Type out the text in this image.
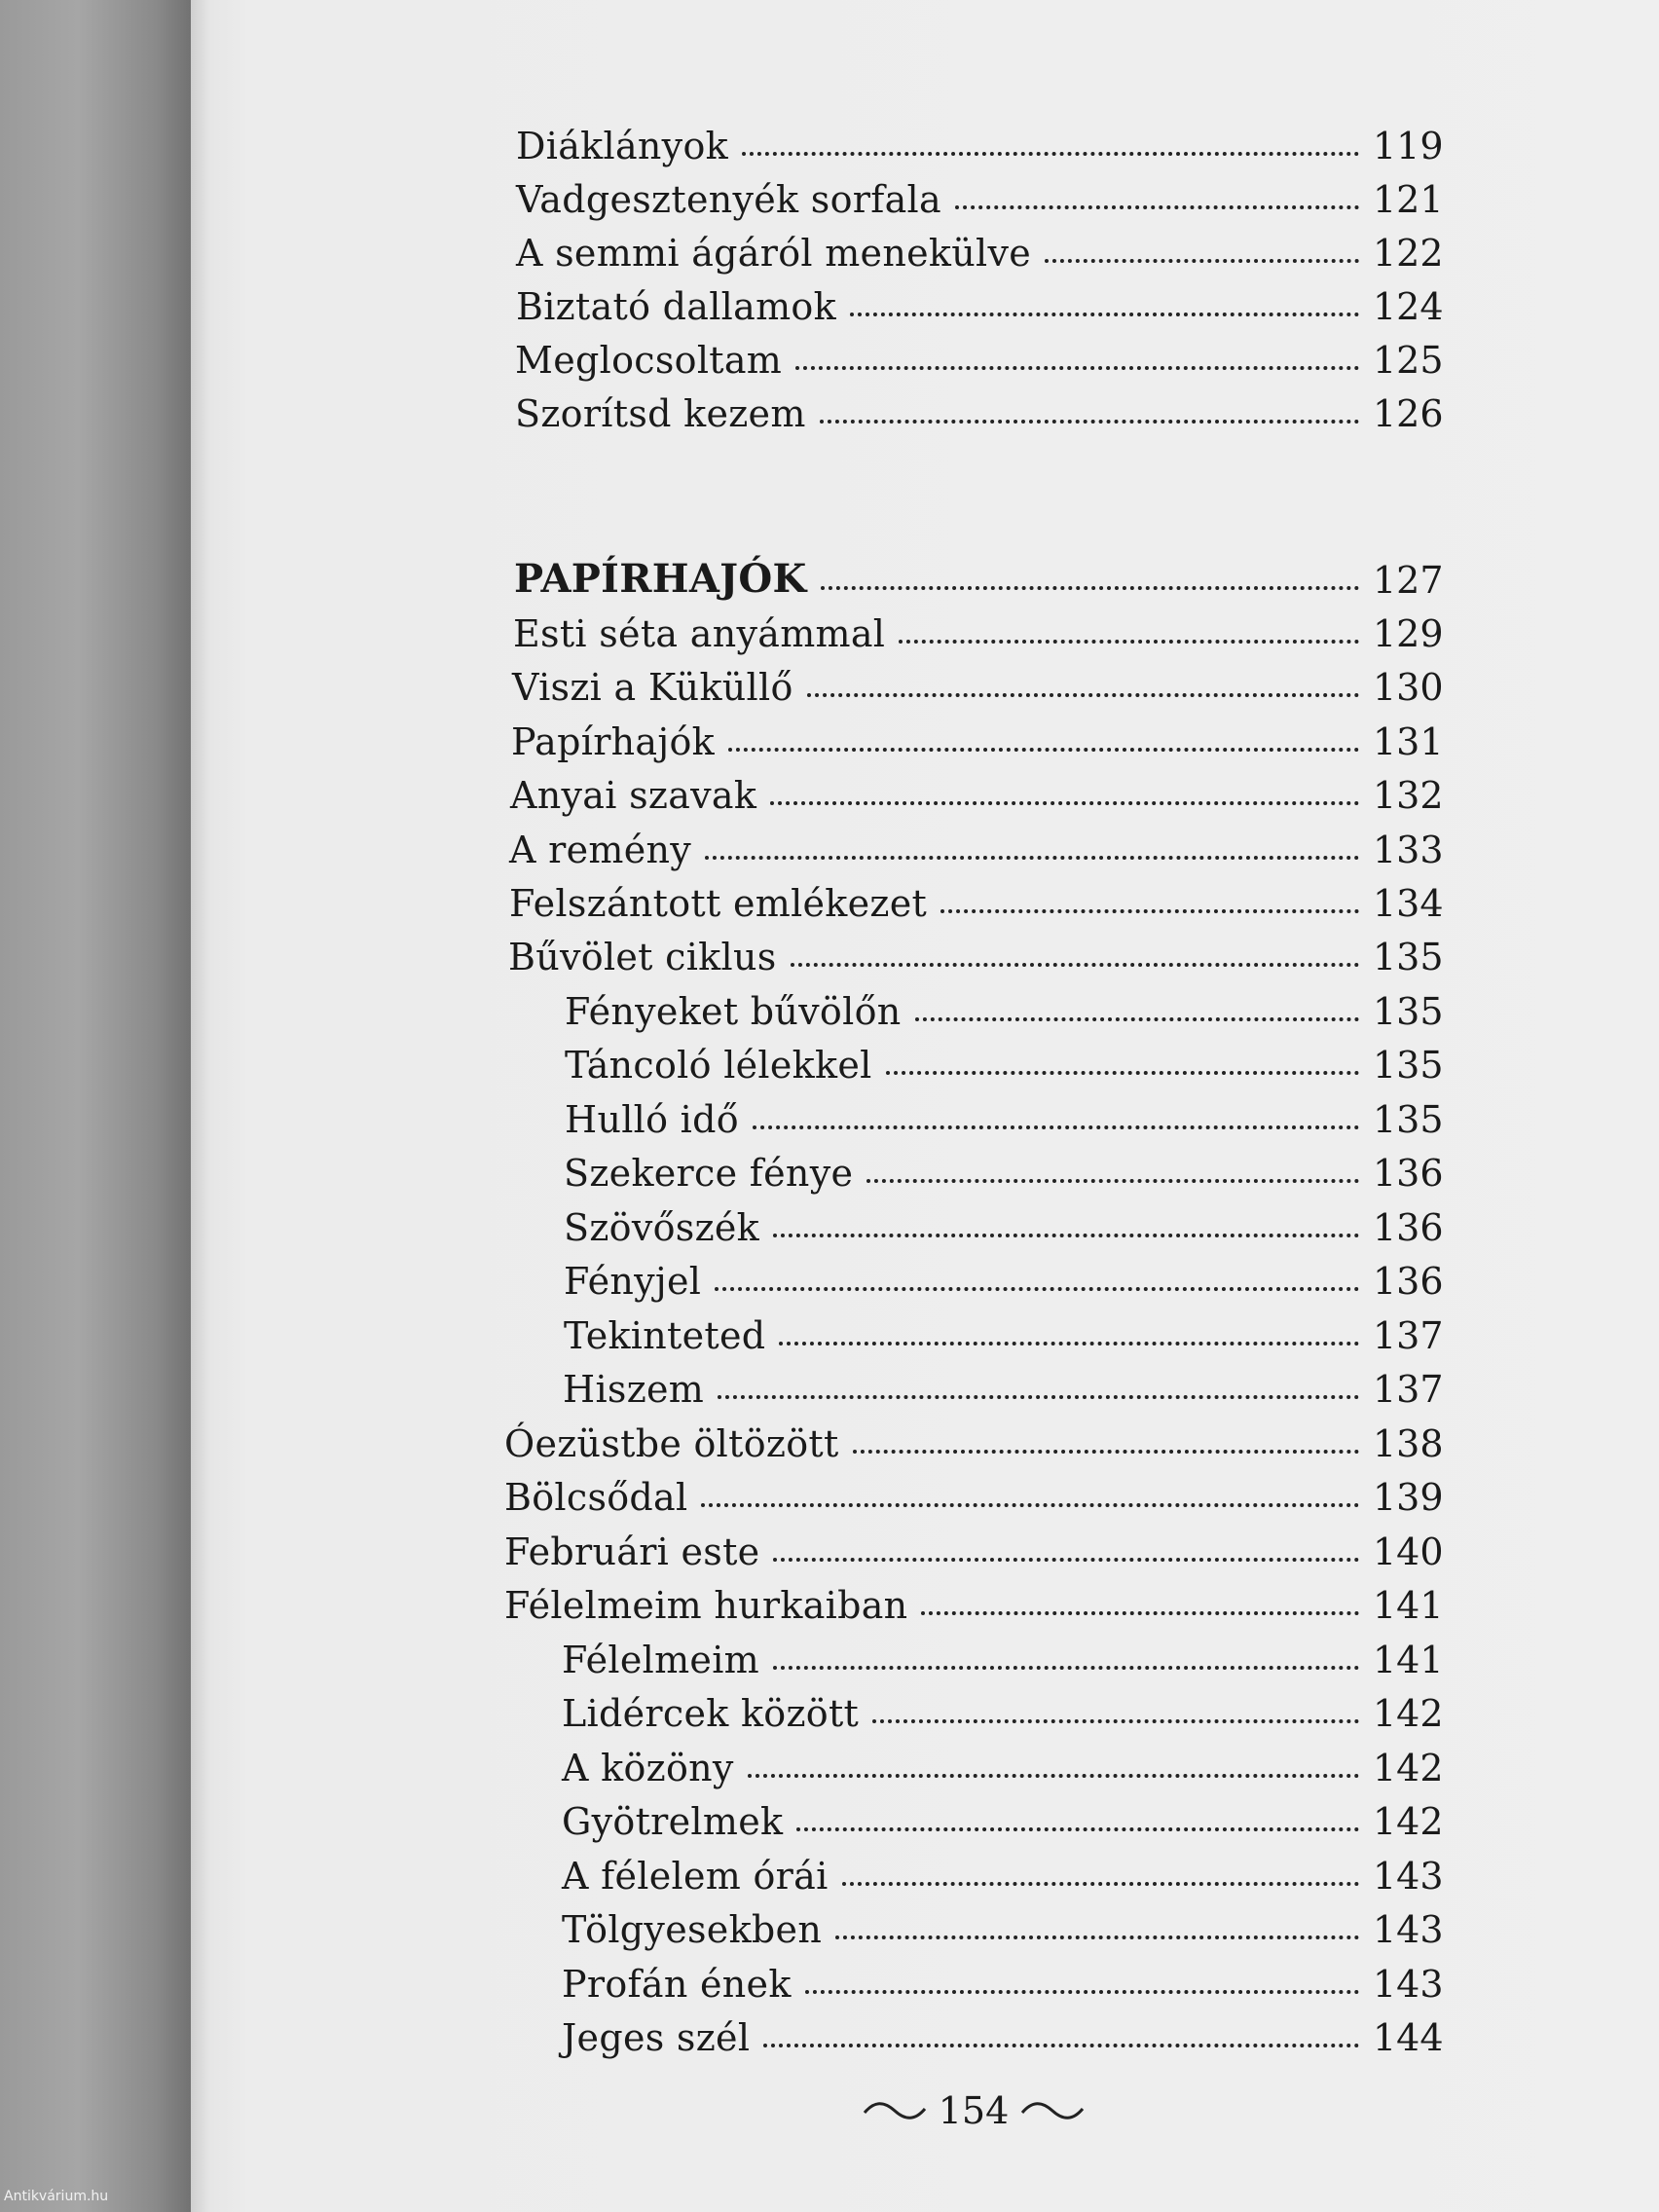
Diáklányok	119
Vadgesztenyék sorfala	121
A semmi ágáról menekülve	122
Biztató dallamok	124
Meglocsoltam	125
Szorítsd kezem	126
PAPÍRHAJÓK	127
Esti séta anyámmal	129
Viszi a Küküllő	130
Papírhajók	131
Anyai szavak	132
A remény	133
Felszántott emlékezet	134
Bűvölet ciklus	135
Fényeket bűvölőn	135
Táncoló lélekkel	135
Hulló idő	135
Szekerce fénye	136
Szövőszék	136
Fényjel	136
Tekinteted	137
Hiszem	137
Óezüstbe öltözött	138
Bölcsődal	139
Februári este	140
Félelmeim hurkaiban	141
Félelmeim	141
Lidércek között	142
A közöny	142
Gyötrelmek	142
A félelem órái	143
Tölgyesekben	143
Profán ének	143
Jeges szél	144
154
Antikvárium.hu
